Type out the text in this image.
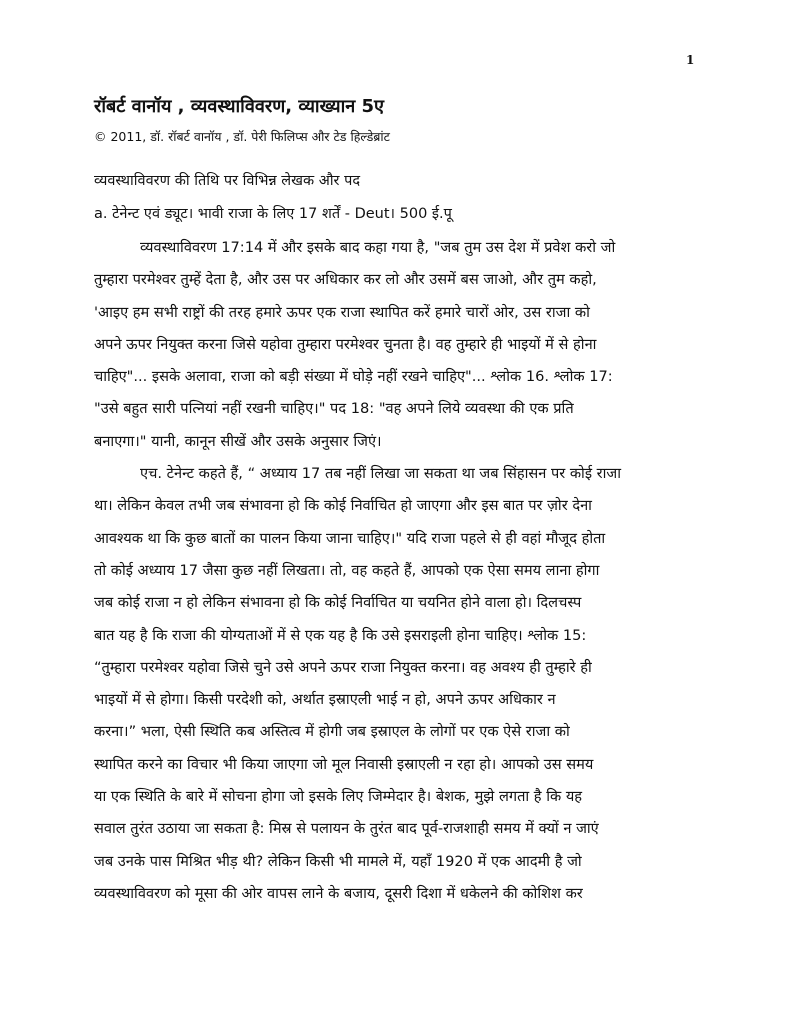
1
रॉबर्ट वानॉय , व्यवस्थाविवरण, व्याख्यान 5ए
© 2011, डॉ. रॉबर्ट वानॉय , डॉ. पेरी फिलिप्स और टेड हिल्डेब्रांट
व्यवस्थाविवरण की तिथि पर विभिन्न लेखक और पद
a. टेनेन्ट एवं ड्यूट। भावी राजा के लिए 17 शर्तें - Deut। 500 ई.पू
व्यवस्थाविवरण 17:14 में और इसके बाद कहा गया है, "जब तुम उस देश में प्रवेश करो जो
तुम्हारा परमेश्वर तुम्हें देता है, और उस पर अधिकार कर लो और उसमें बस जाओ, और तुम कहो,
'आइए हम सभी राष्ट्रों की तरह हमारे ऊपर एक राजा स्थापित करें हमारे चारों ओर, उस राजा को
अपने ऊपर नियुक्त करना जिसे यहोवा तुम्हारा परमेश्वर चुनता है। वह तुम्हारे ही भाइयों में से होना
चाहिए"... इसके अलावा, राजा को बड़ी संख्या में घोड़े नहीं रखने चाहिए"... श्लोक 16. श्लोक 17:
"उसे बहुत सारी पत्नियां नहीं रखनी चाहिए।" पद 18: "वह अपने लिये व्यवस्था की एक प्रति
बनाएगा।" यानी, कानून सीखें और उसके अनुसार जिएं।
एच. टेनेन्ट कहते हैं, “ अध्याय 17 तब नहीं लिखा जा सकता था जब सिंहासन पर कोई राजा
था। लेकिन केवल तभी जब संभावना हो कि कोई निर्वाचित हो जाएगा और इस बात पर ज़ोर देना
आवश्यक था कि कुछ बातों का पालन किया जाना चाहिए।" यदि राजा पहले से ही वहां मौजूद होता
तो कोई अध्याय 17 जैसा कुछ नहीं लिखता। तो, वह कहते हैं, आपको एक ऐसा समय लाना होगा
जब कोई राजा न हो लेकिन संभावना हो कि कोई निर्वाचित या चयनित होने वाला हो। दिलचस्प
बात यह है कि राजा की योग्यताओं में से एक यह है कि उसे इसराइली होना चाहिए। श्लोक 15:
“तुम्हारा परमेश्वर यहोवा जिसे चुने उसे अपने ऊपर राजा नियुक्त करना। वह अवश्य ही तुम्हारे ही
भाइयों में से होगा। किसी परदेशी को, अर्थात इस्राएली भाई न हो, अपने ऊपर अधिकार न
करना।” भला, ऐसी स्थिति कब अस्तित्व में होगी जब इस्राएल के लोगों पर एक ऐसे राजा को
स्थापित करने का विचार भी किया जाएगा जो मूल निवासी इस्राएली न रहा हो। आपको उस समय
या एक स्थिति के बारे में सोचना होगा जो इसके लिए जिम्मेदार है। बेशक, मुझे लगता है कि यह
सवाल तुरंत उठाया जा सकता है: मिस्र से पलायन के तुरंत बाद पूर्व-राजशाही समय में क्यों न जाएं
जब उनके पास मिश्रित भीड़ थी? लेकिन किसी भी मामले में, यहाँ 1920 में एक आदमी है जो
व्यवस्थाविवरण को मूसा की ओर वापस लाने के बजाय, दूसरी दिशा में धकेलने की कोशिश कर
